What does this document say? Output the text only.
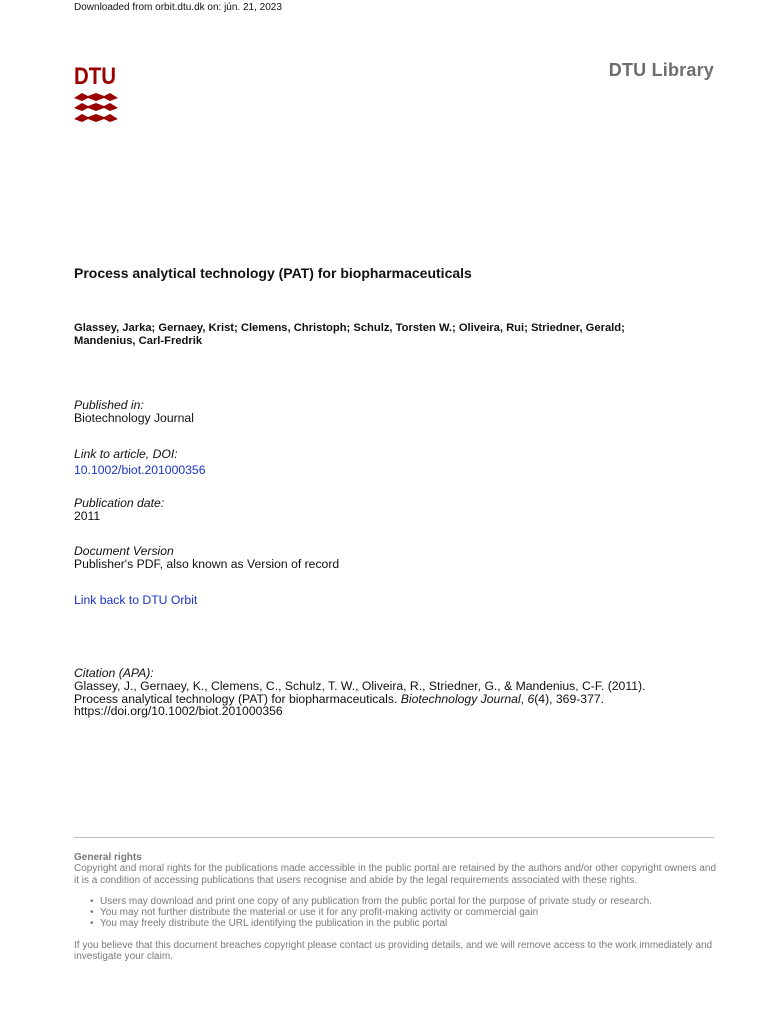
Downloaded from orbit.dtu.dk on: jún. 21, 2023
DTU	DTU Library
Process analytical technology (PAT) for biopharmaceuticals
Glassey, Jarka; Gernaey, Krist; Clemens, Christoph; Schulz, Torsten W.; Oliveira, Rui; Striedner, Gerald;
Mandenius, Carl-Fredrik
Published in:
Biotechnology Journal
Link to article, DOI:
10.1002/biot.201000356
Publication date:
2011
Document Version
Publisher's PDF, also known as Version of record
Link back to DTU Orbit
Citation (APA):
Glassey, J., Gernaey, K., Clemens, C., Schulz, T. W., Oliveira, R., Striedner, G., & Mandenius, C-F. (2011).
Process analytical technology (PAT) for biopharmaceuticals. Biotechnology Journal, 6(4), 369-377.
https://doi.org/10.1002/biot.201000356
General rights
Copyright and moral rights for the publications made accessible in the public portal are retained by the authors and/or other copyright owners and it is a condition of accessing publications that users recognise and abide by the legal requirements associated with these rights.
• Users may download and print one copy of any publication from the public portal for the purpose of private study or research.
• You may not further distribute the material or use it for any profit-making activity or commercial gain
• You may freely distribute the URL identifying the publication in the public portal
If you believe that this document breaches copyright please contact us providing details, and we will remove access to the work immediately and investigate your claim.
